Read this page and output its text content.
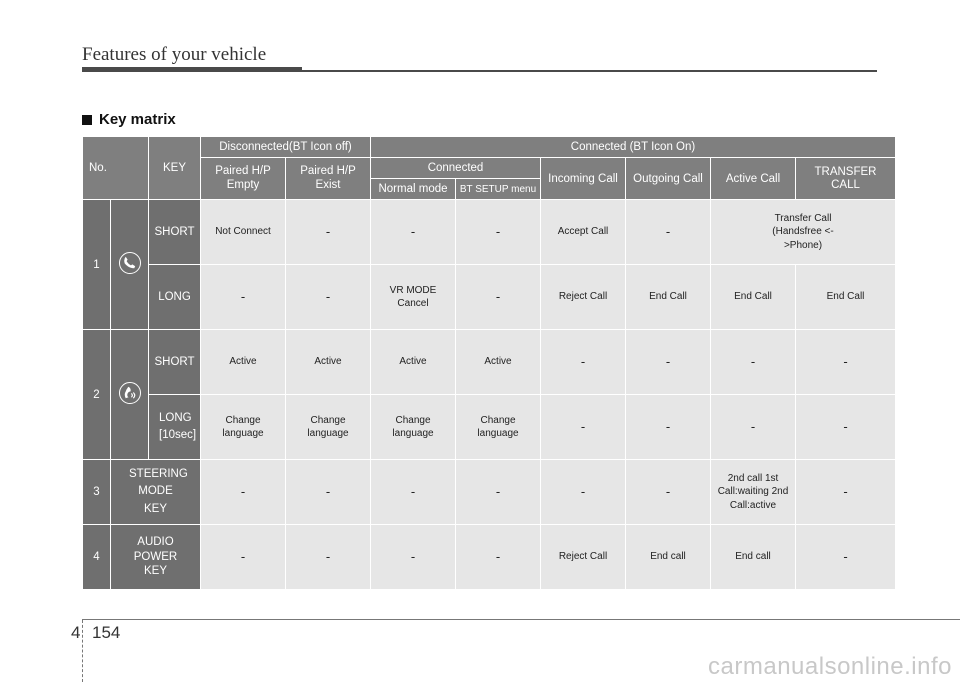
Features of your vehicle
Key matrix
No.		KEY	Disconnected(BT Icon off)		Connected (BT Icon On)					
			Paired H/P Empty	Paired H/P Exist	Connected		Incoming Call	Outgoing Call	Active Call	TRANSFER CALL
					Normal mode	BT SETUP menu				
1		SHORT	Not Connect	-	-	-	Accept Call	-	Transfer Call (Handsfree <->Phone)	
		LONG	-	-	VR MODE Cancel	-	Reject Call	End Call	End Call	End Call
2		SHORT	Active	Active	Active	Active	-	-	-	-
		LONG [10sec]	Change language	Change language	Change language	Change language	-	-	-	-
3	STEERING MODE KEY		-	-	-	-	-	-	2nd call 1st Call:waiting 2nd Call:active	-
4	AUDIO POWER KEY		-	-	-	-	Reject Call	End call	End call	-
4 154
carmanualsonline.info
